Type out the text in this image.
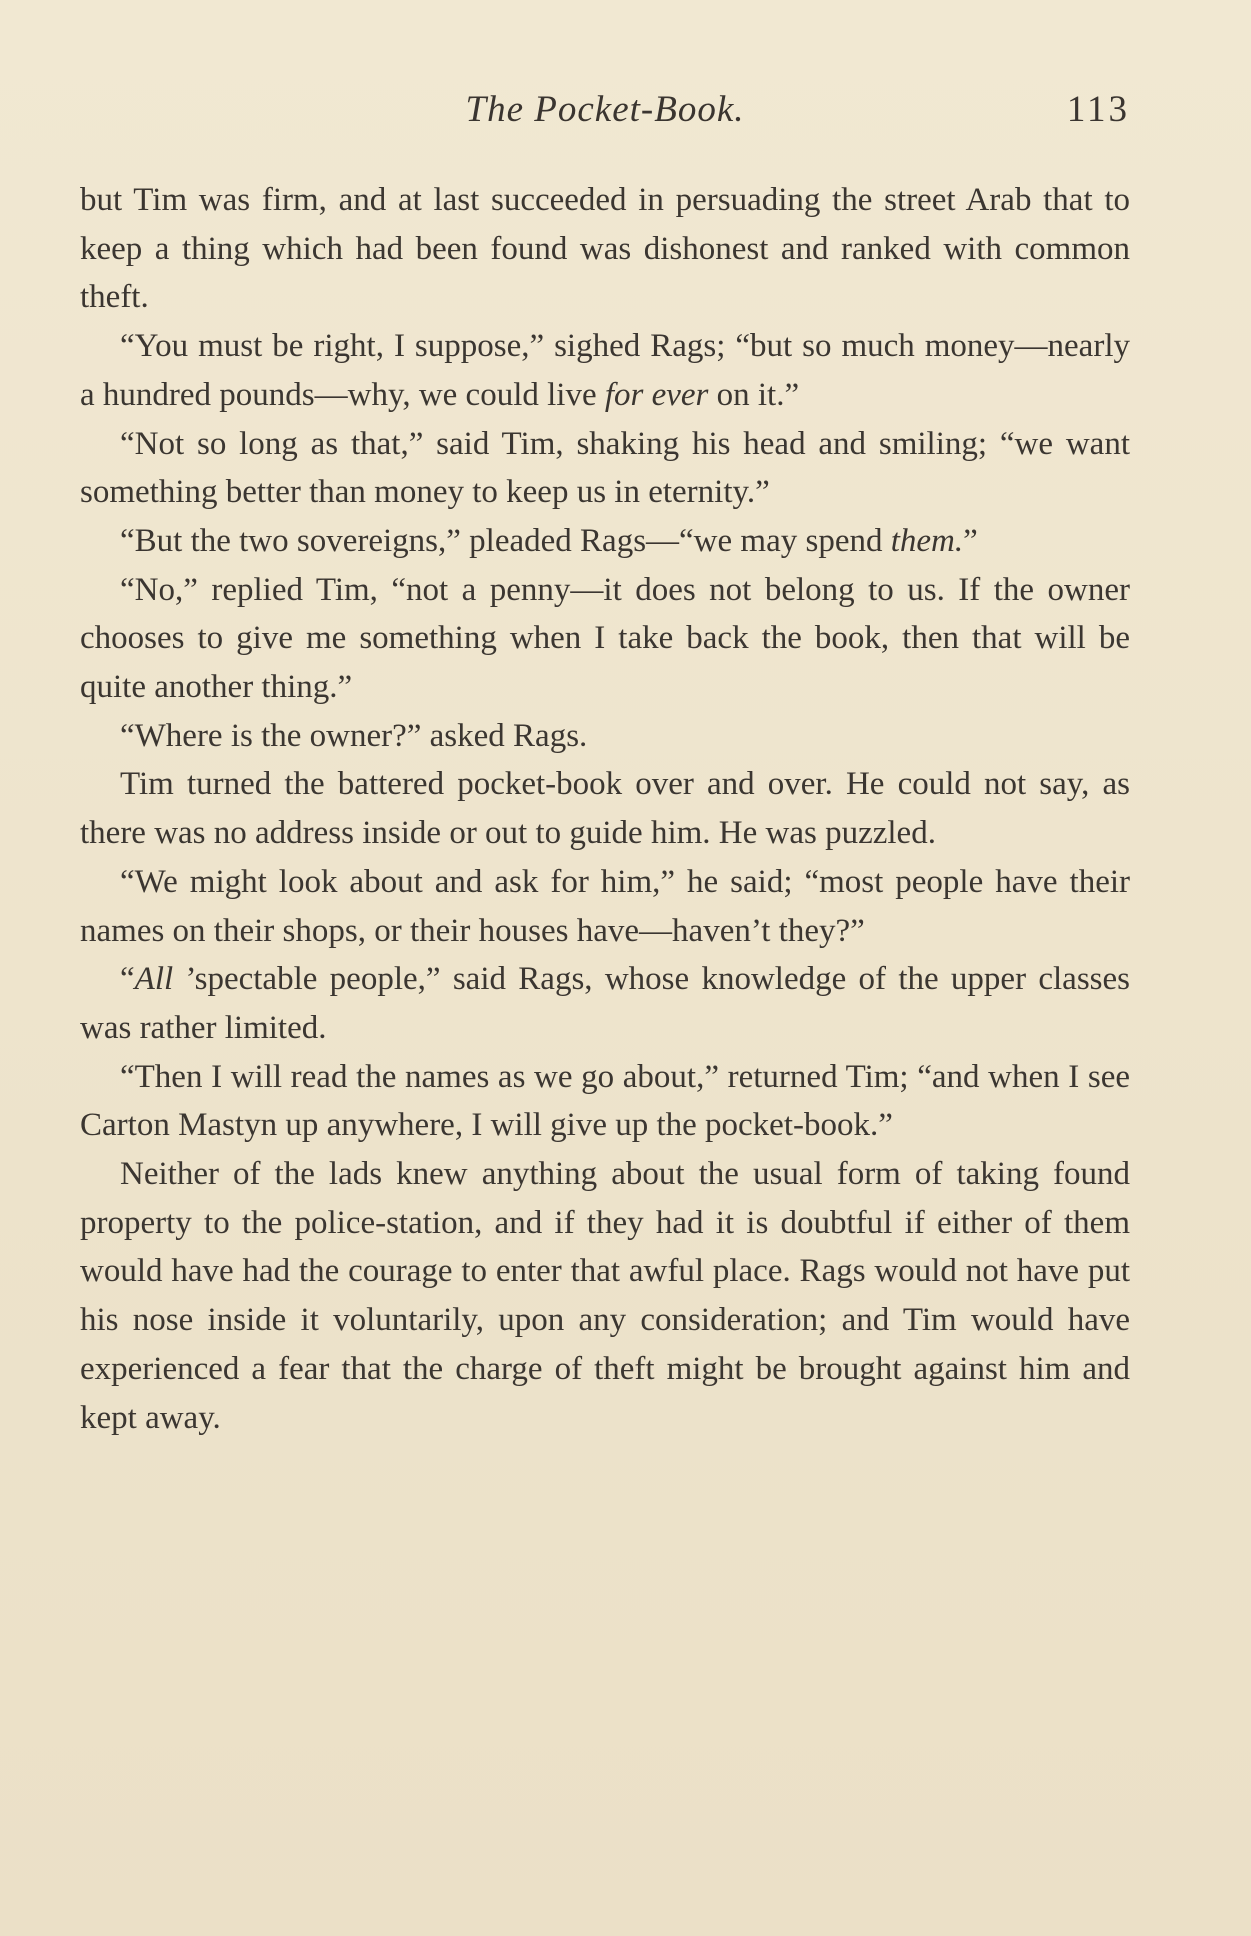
The Pocket-Book.	113

but Tim was firm, and at last succeeded in persuading the street Arab that to keep a thing which had been found was dishonest and ranked with common theft.

“You must be right, I suppose,” sighed Rags; “but so much money—nearly a hundred pounds—why, we could live for ever on it.”

“Not so long as that,” said Tim, shaking his head and smiling; “we want something better than money to keep us in eternity.”

“But the two sovereigns,” pleaded Rags—“we may spend them.”

“No,” replied Tim, “not a penny—it does not belong to us. If the owner chooses to give me something when I take back the book, then that will be quite another thing.”

“Where is the owner?” asked Rags.

Tim turned the battered pocket-book over and over. He could not say, as there was no address inside or out to guide him. He was puzzled.

“We might look about and ask for him,” he said; “most people have their names on their shops, or their houses have—haven’t they?”

“All ’spectable people,” said Rags, whose knowledge of the upper classes was rather limited.

“Then I will read the names as we go about,” returned Tim; “and when I see Carton Mastyn up anywhere, I will give up the pocket-book.”

Neither of the lads knew anything about the usual form of taking found property to the police-station, and if they had it is doubtful if either of them would have had the courage to enter that awful place. Rags would not have put his nose inside it voluntarily, upon any consideration; and Tim would have experienced a fear that the charge of theft might be brought against him and kept away.
